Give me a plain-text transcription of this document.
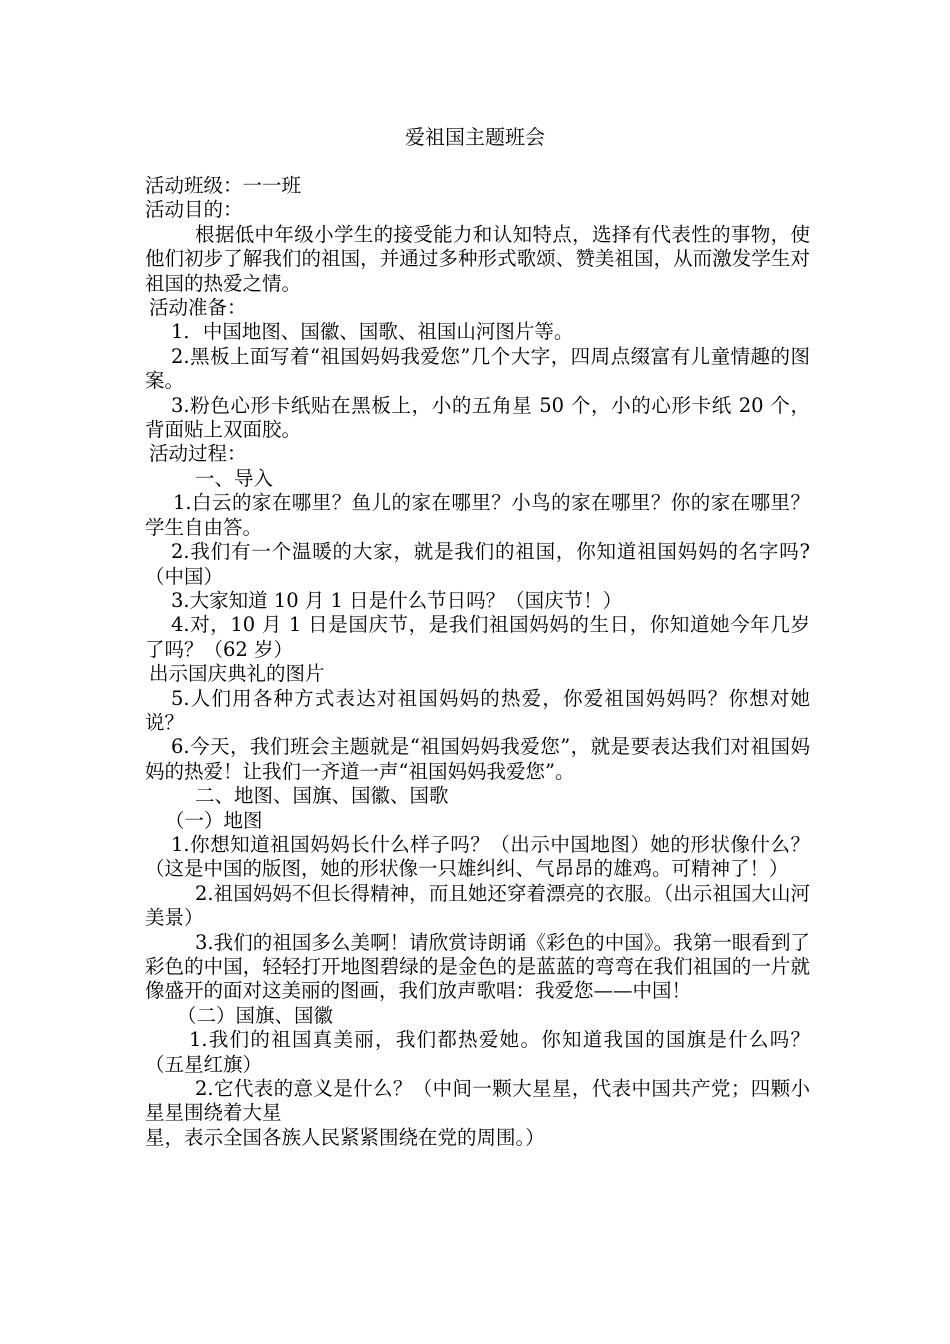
爱祖国主题班会

活动班级：一一班

活动目的：

根据低中年级小学生的接受能力和认知特点，选择有代表性的事物，使他们初步了解我们的祖国，并通过多种形式歌颂、赞美祖国，从而激发学生对祖国的热爱之情。

活动准备：

1．中国地图、国徽、国歌、祖国山河图片等。

2.黑板上面写着“祖国妈妈我爱您”几个大字，四周点缀富有儿童情趣的图案。

3.粉色心形卡纸贴在黑板上，小的五角星 50 个，小的心形卡纸 20 个，背面贴上双面胶。

活动过程：

一、导入

1.白云的家在哪里？鱼儿的家在哪里？小鸟的家在哪里？你的家在哪里？学生自由答。

2.我们有一个温暖的大家，就是我们的祖国，你知道祖国妈妈的名字吗?（中国）

3.大家知道 10 月 1 日是什么节日吗？（国庆节！）

4.对，10 月 1 日是国庆节，是我们祖国妈妈的生日，你知道她今年几岁了吗？（62 岁）

出示国庆典礼的图片

5.人们用各种方式表达对祖国妈妈的热爱，你爱祖国妈妈吗？你想对她说？

6.今天，我们班会主题就是“祖国妈妈我爱您”，就是要表达我们对祖国妈妈的热爱！让我们一齐道一声“祖国妈妈我爱您”。

二、地图、国旗、国徽、国歌

（一）地图

1.你想知道祖国妈妈长什么样子吗？（出示中国地图）她的形状像什么？（这是中国的版图，她的形状像一只雄纠纠、气昂昂的雄鸡。可精神了！）

2.祖国妈妈不但长得精神，而且她还穿着漂亮的衣服。（出示祖国大山河美景）

3.我们的祖国多么美啊！请欣赏诗朗诵《彩色的中国》。我第一眼看到了彩色的中国，轻轻打开地图碧绿的是金色的是蓝蓝的弯弯在我们祖国的一片就像盛开的面对这美丽的图画，我们放声歌唱：我爱您——中国！

（二）国旗、国徽

1.我们的祖国真美丽，我们都热爱她。你知道我国的国旗是什么吗？（五星红旗）

2.它代表的意义是什么？（中间一颗大星星，代表中国共产党；四颗小星星围绕着大星

星，表示全国各族人民紧紧围绕在党的周围。）
